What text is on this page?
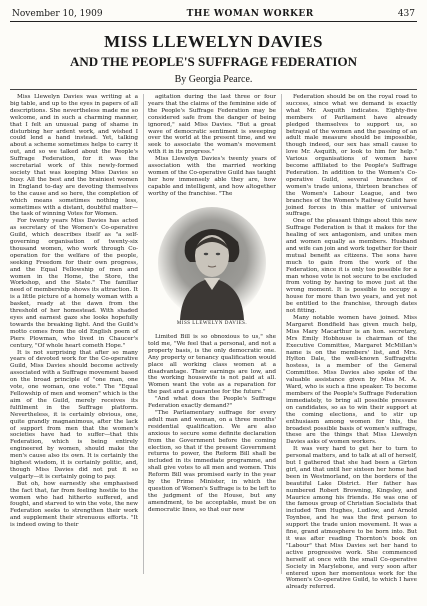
November 10, 1909	THE WOMAN WORKER	437
MISS LLEWELYN DAVIES
AND THE PEOPLE'S SUFFRAGE FEDERATION
By Georgia Pearce.

Miss Llewelyn Davies was writing at a big table, and up to the eyes in papers of all descriptions. She nevertheless made me so welcome, and in such a charming manner, that I felt an unusual pang of shame in disturbing her ardent work, and wished I could lend a hand instead. Yet, talking about a scheme sometimes helps to carry it out, and so we talked about the People's Suffrage Federation, for it was the secretarial work of this newly-formed society that was keeping Miss Davies so busy. All the best and the brainiest women in England to-day are devoting themselves to the cause and so here, the completion of which means sometimes nothing less, sometimes with a distant, doubtful matter—the task of winning Votes for Women.

For twenty years Miss Davies has acted as secretary of the Women's Co-operative Guild, which describes itself as "a self-governing organisation of twenty-six thousand women, who work through Co-operation for the welfare of the people, seeking Freedom for their own progress, and the Equal Fellowship of men and women in the Home, the Store, the Workshop, and the State." The familiar need of membership shows its attraction. It is a little picture of a homely woman with a basket, ready at the dawn from the threshold of her homestead. With shaded eyes and earnest gaze she looks hopefully towards the breaking light. And the Guild's motto comes from the old English poem of Piers Plowman, who lived in Chaucer's century, "Of whole heart cometh Hope."

It is not surprising that after so many years of devoted work for the Co-operative Guild, Miss Davies should become actively associated with a Suffrage movement based on the broad principle of "one man, one vote, one woman, one vote." The "Equal Fellowship of men and women" which is the aim of the Guild, merely receives its fulfilment in the Suffrage platform. Nevertheless, it is certainly obvious, one, quite grandly magnanimous, after the lack of support from men that the women's societies have had to suffer—that this Federation, which is being entirely engineered by women, should make the men's cause also its own. It is certainly the highest wisdom, it is certainly politic, and, though Miss Davies did not put it so vulgarly—it is certainly going to pay.

But oh, how earnestly she emphasised the fact that, far from feeling hostile to the women who had hitherto suffered, and fought, and starved to win the vote, the new Federation seeks to strengthen their work and supplement their strenuous efforts. "It is indeed owing to their

agitation during the last three or four years that the claims of the feminine side of the People's Suffrage Federation may be considered safe from the danger of being ignored," said Miss Davies. "But a great wave of democratic sentiment is sweeping over the world at the present time, and we seek to associate the woman's movement with it in its progress."

Miss Llewelyn Davies's twenty years of association with the married working women of the Co-operative Guild has taught her how immensely able they are, how capable and intelligent, and how altogether worthy of the franchise. "The

MISS LLEWELYN DAVIES.

Limited Bill is so obnoxious to us," she told me, "We feel that a personal, and not a property basis, is the only democratic one. Any property or tenancy qualification would place all working class women at a disadvantage. Their earnings are low, and the working housewife is not paid at all. Women want the vote as a reparation for the past and a guarantee for the future."

"And what does the People's Suffrage Federation exactly demand?"

"The Parliamentary suffrage for every adult man and woman, on a three months' residential qualification. We are also anxious to secure some definite declaration from the Government before the coming election, so that if the present Government returns to power, the Reform Bill shall be included in its immediate programme, and shall give votes to all men and women. This Reform Bill was promised early in the year by the Prime Minister, in which the question of Women's Suffrage is to be left to the judgment of the House, but any amendment, to be acceptable, must be on democratic lines, so that our new

Federation should be on the royal road to success, since what we demand is exactly what Mr. Asquith indicates. Eighty-five members of Parliament have already pledged themselves to support us, so betrayal of the women and the passing of an adult male measure should be impossible, though indeed, our sex has small cause to love Mr. Asquith, or look to him for help." Various organisations of women have become affiliated to the People's Suffrage Federation. In addition to the Women's Co-operative Guild, several branches of women's trade unions, thirteen branches of the Women's Labour League, and two branches of the Women's Railway Guild have joined forces in this matter of universal suffrage.

One of the pleasant things about this new Suffrage Federation is that it makes for the healing of sex antagonism, and unites men and women equally as members. Husband and wife can join and work together for their mutual benefit as citizens. The sons have much to gain from the work of the Federation, since it is only too possible for a man whose vote is not secure to be excluded from voting by having to move just at the wrong moment. It is possible to occupy a house for more than two years, and yet not be entitled to the franchise, through dates not fitting.

Many notable women have joined. Miss Margaret Bondfield has given much help, Miss Mary Macarthur is an hon. secretary, Mrs Emily Hobhouse is chairman of the Executive Committee, Margaret McMillan's name is on the members' list, and Mrs. Hylton Dale, the well-known Suffragette hostess, is a member of the General Committee. Miss Davies also spoke of the valuable assistance given by Miss M. A. Ward, who is such a fine speaker. To become members of the People's Suffrage Federation immediately, to bring all possible pressure on candidates, so as to win their support at the coming elections, and to stir up enthusiasm among women for this, the broadest possible basis of women's suffrage, these are the things that Miss Llewelyn Davies asks of women workers.

It was very hard to get her to turn to personal matters, and to talk at all of herself, but I gathered that she had been a Girton girl, and that until her sixteen her home had been in Westmorland, on the borders of the beautiful Lake District. Her father has numbered Robert Browning, Kingsley, and Maurice among his friends. He was one of the famous group of Christian Socialists that included Tom Hughes, Ludlow, and Arnold Toynbee, and he was the first person to support the trade union movement. It was a fine, grand atmosphere to be born into. But it was after reading Thornton's book on "Labour" that Miss Davies set her hand to active progressive work. She commenced herself at once with the small Co-operative Society in Marylebone, and very soon after entered upon her momentous work for the Women's Co-operative Guild, to which I have already referred.
